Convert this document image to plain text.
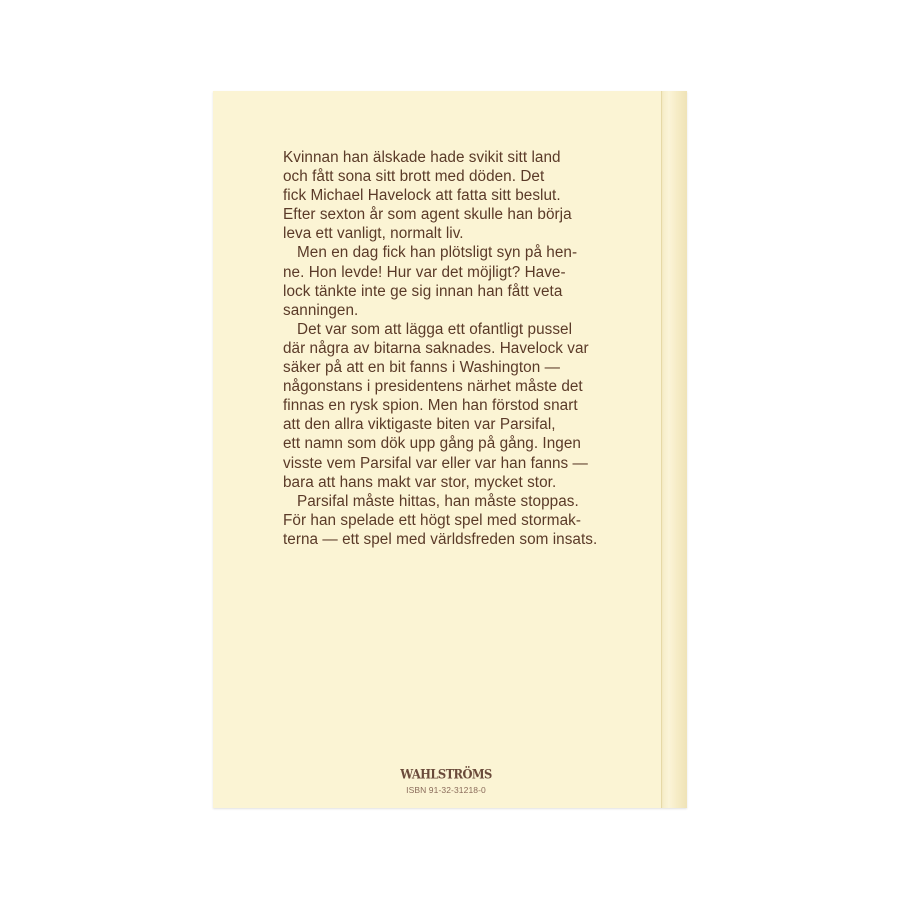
Kvinnan han älskade hade svikit sitt land
och fått sona sitt brott med döden. Det
fick Michael Havelock att fatta sitt beslut.
Efter sexton år som agent skulle han börja
leva ett vanligt, normalt liv.
Men en dag fick han plötsligt syn på hen-
ne. Hon levde! Hur var det möjligt? Have-
lock tänkte inte ge sig innan han fått veta
sanningen.
Det var som att lägga ett ofantligt pussel
där några av bitarna saknades. Havelock var
säker på att en bit fanns i Washington —
någonstans i presidentens närhet måste det
finnas en rysk spion. Men han förstod snart
att den allra viktigaste biten var Parsifal,
ett namn som dök upp gång på gång. Ingen
visste vem Parsifal var eller var han fanns —
bara att hans makt var stor, mycket stor.
Parsifal måste hittas, han måste stoppas.
För han spelade ett högt spel med stormak-
terna — ett spel med världsfreden som insats.
WAHLSTRÖMS
ISBN 91-32-31218-0
